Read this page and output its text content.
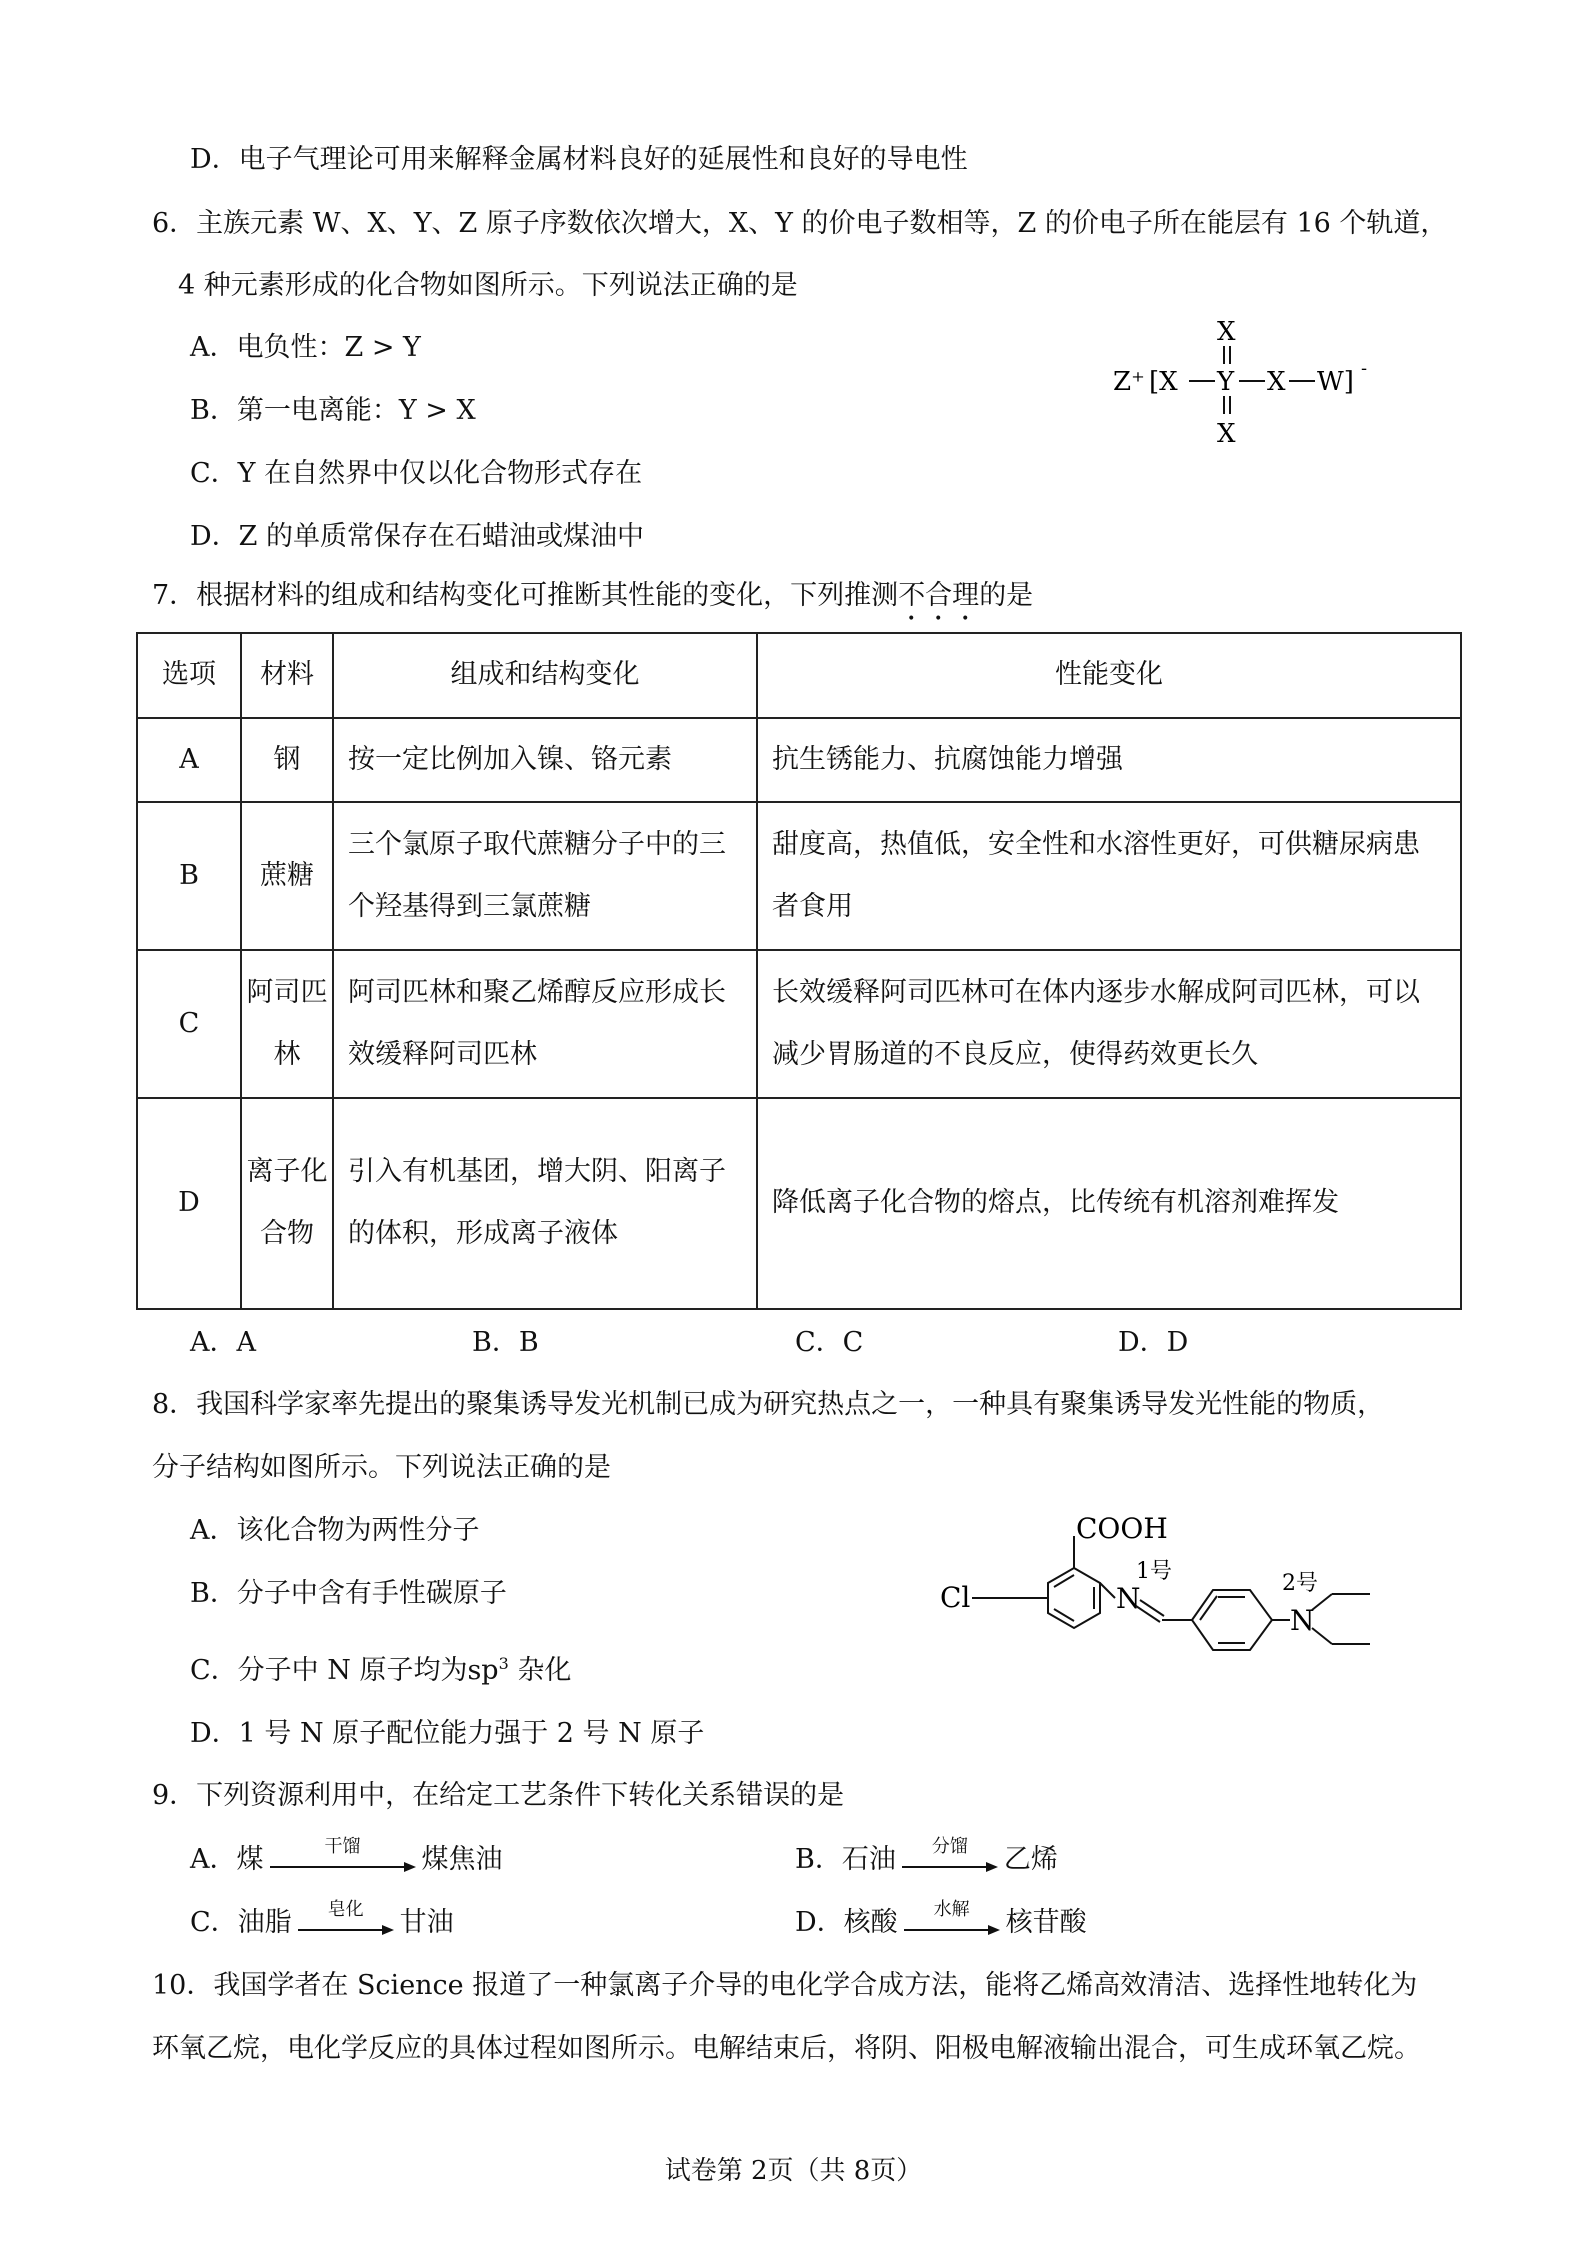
D．电子气理论可用来解释金属材料良好的延展性和良好的导电性
6．主族元素 W、X、Y、Z 原子序数依次增大，X、Y 的价电子数相等，Z 的价电子所在能层有 16 个轨道，
4 种元素形成的化合物如图所示。下列说法正确的是
A．电负性：Z > Y
B．第一电离能：Y > X
C．Y 在自然界中仅以化合物形式存在
D．Z 的单质常保存在石蜡油或煤油中
Z⁺ [X Y X W] -
X
X
7．根据材料的组成和结构变化可推断其性能的变化，下列推测不合理的是
选项	材料	组成和结构变化	性能变化
A	钢	按一定比例加入镍、铬元素	抗生锈能力、抗腐蚀能力增强
B	蔗糖	三个氯原子取代蔗糖分子中的三个羟基得到三氯蔗糖	甜度高，热值低，安全性和水溶性更好，可供糖尿病患者食用
C	阿司匹林	阿司匹林和聚乙烯醇反应形成长效缓释阿司匹林	长效缓释阿司匹林可在体内逐步水解成阿司匹林，可以减少胃肠道的不良反应，使得药效更长久
D	离子化合物	引入有机基团，增大阴、阳离子的体积，形成离子液体	降低离子化合物的熔点，比传统有机溶剂难挥发
A．A	B．B	C．C	D．D
8．我国科学家率先提出的聚集诱导发光机制已成为研究热点之一，一种具有聚集诱导发光性能的物质，
分子结构如图所示。下列说法正确的是
A．该化合物为两性分子
B．分子中含有手性碳原子
C．分子中 N 原子均为$sp^3$ 杂化
D．1 号 N 原子配位能力强于 2 号 N 原子
Cl
COOH
N
1号
N
2号
9．下列资源利用中，在给定工艺条件下转化关系错误的是
A．煤	干馏	煤焦油	B．石油	分馏	乙烯
C．油脂	皂化	甘油	D．核酸	水解	核苷酸
10．我国学者在 Science 报道了一种氯离子介导的电化学合成方法，能将乙烯高效清洁、选择性地转化为
环氧乙烷，电化学反应的具体过程如图所示。电解结束后，将阴、阳极电解液输出混合，可生成环氧乙烷。
试卷第 2页（共 8页）
